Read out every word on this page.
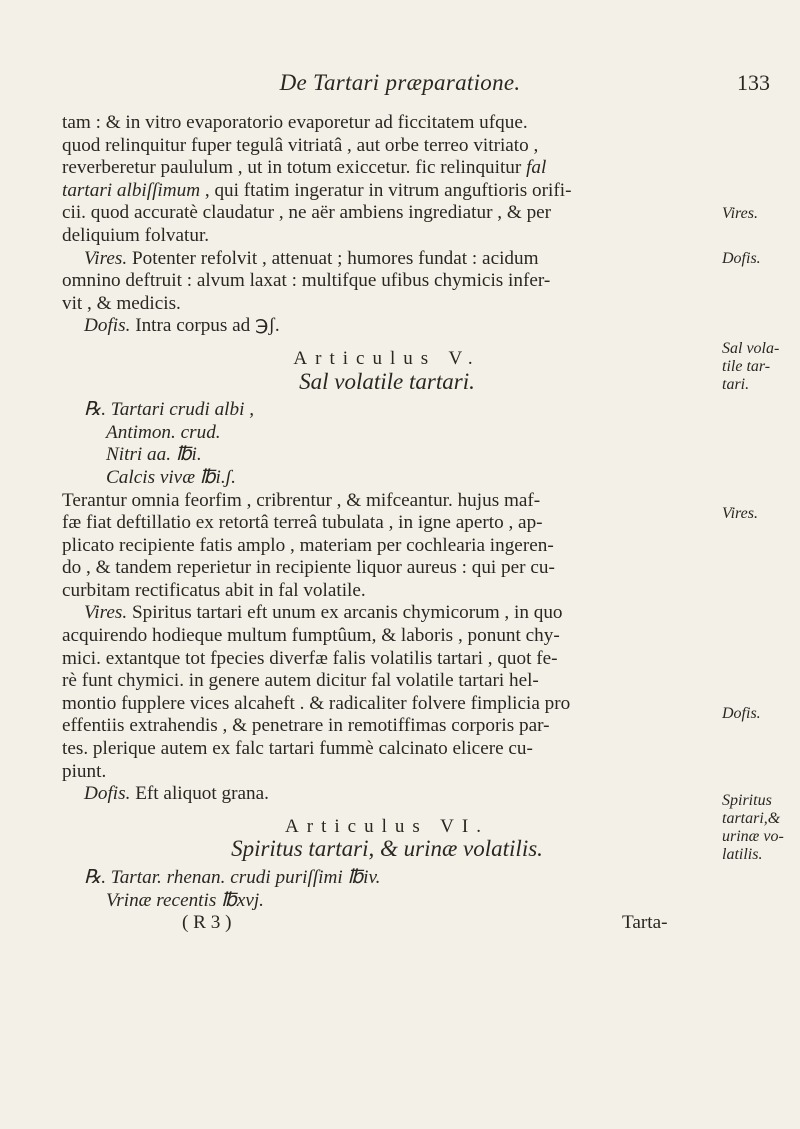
De Tartari præparatione.	133

tam : & in vitro evaporatorio evaporetur ad ficcitatem ufque.
quod relinquitur fuper tegulâ vitriatâ , aut orbe terreo vitriato ,
reverberetur paululum , ut in totum exiccetur. fic relinquitur fal
tartari albiſſimum , qui ftatim ingeratur in vitrum anguftioris orifi-
cii. quod accuratè claudatur , ne aër ambiens ingrediatur , & per
deliquium folvatur.

Vires. Potenter refolvit , attenuat ; humores fundat : acidum
omnino deftruit : alvum laxat : multifque ufibus chymicis infer-
vit , & medicis.

Dofis. Intra corpus ad ℈ʃ.

Articulus V.
Sal volatile tartari.
℞. Tartari crudi albi ,
Antimon. crud.
Nitri aa. ℔i.
Calcis vivæ ℔i.ʃ.

Terantur omnia feorfim , cribrentur , & mifceantur. hujus maf-
fæ fiat deftillatio ex retortâ terreâ tubulata , in igne aperto , ap-
plicato recipiente fatis amplo , materiam per cochlearia ingeren-
do , & tandem reperietur in recipiente liquor aureus : qui per cu-
curbitam rectificatus abit in fal volatile.

Vires. Spiritus tartari eft unum ex arcanis chymicorum , in quo
acquirendo hodieque multum fumptûum, & laboris , ponunt chy-
mici. extantque tot fpecies diverfæ falis volatilis tartari , quot fe-
rè funt chymici. in genere autem dicitur fal volatile tartari hel-
montio fupplere vices alcaheft . & radicaliter folvere fimplicia pro
effentiis extrahendis , & penetrare in remotiffimas corporis par-
tes. plerique autem ex falc tartari fummè calcinato elicere cu-
piunt.

Dofis. Eft aliquot grana.

Articulus VI.
Spiritus tartari, & urinæ volatilis.
℞. Tartar. rhenan. crudi puriſſimi ℔iv.
Vrinæ recentis ℔xvj.
( R 3 )	Tarta-
Vires.
Dofis.
Sal vola-
tile tar-
tari.
Vires.
Dofis.
Spiritus
tartari,&
urinæ vo-
latilis.
